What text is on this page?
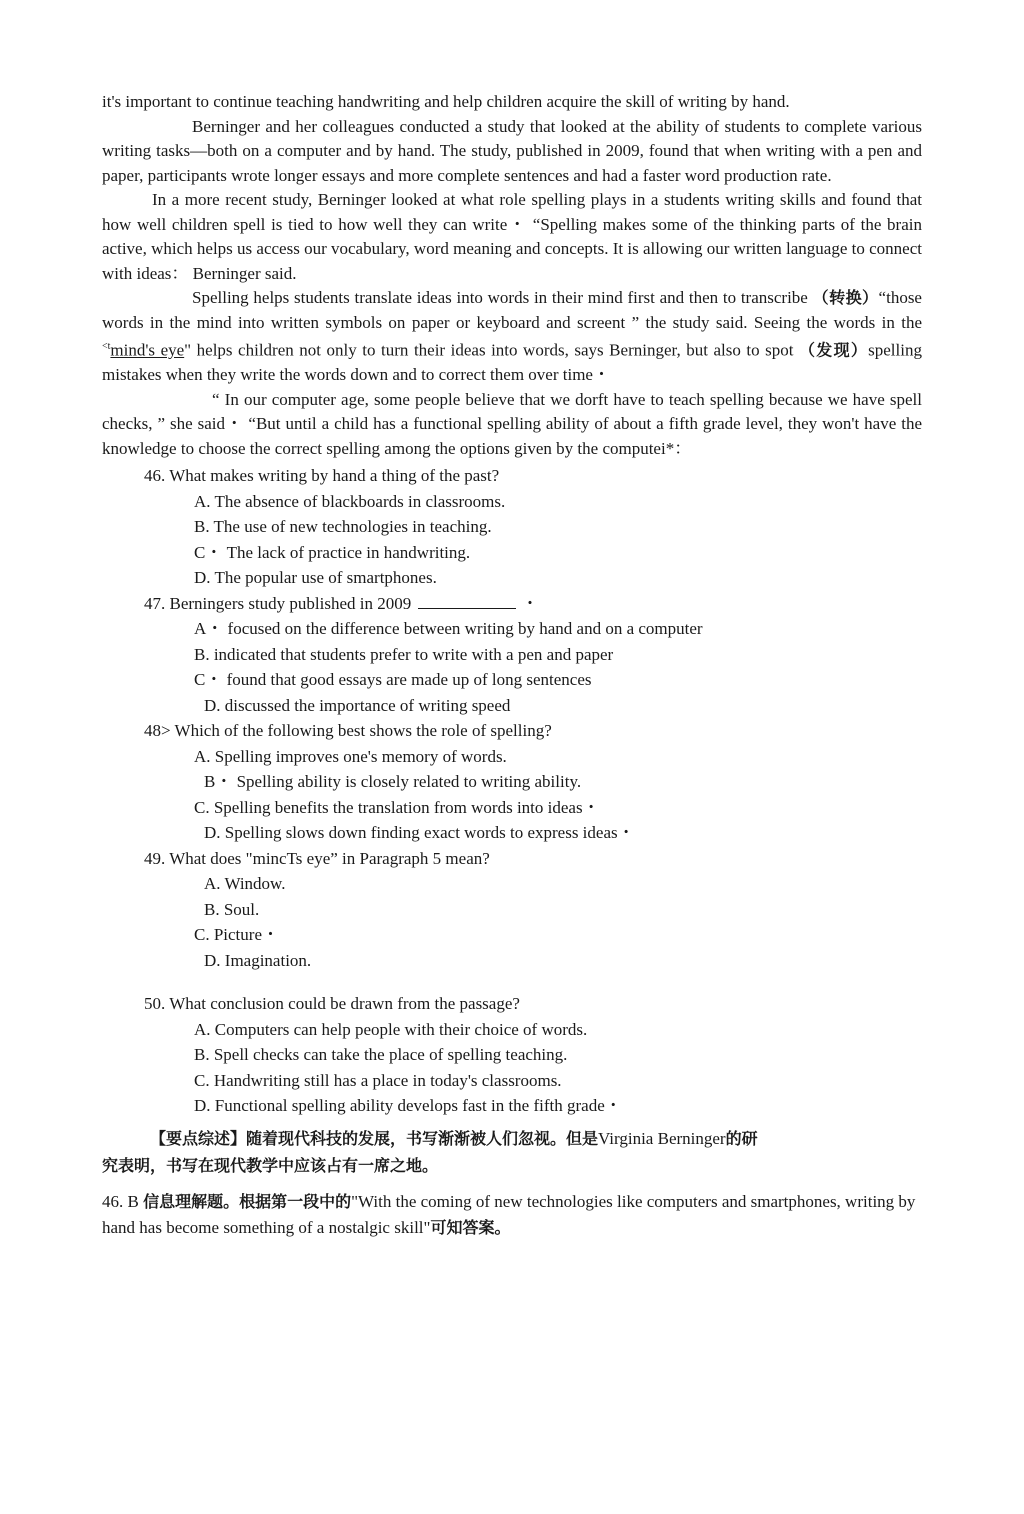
it's important to continue teaching handwriting and help children acquire the skill of writing by hand.

Berninger and her colleagues conducted a study that looked at the ability of students to complete various writing tasks—both on a computer and by hand. The study, published in 2009, found that when writing with a pen and paper, participants wrote longer essays and more complete sentences and had a faster word production rate.

In a more recent study, Berninger looked at what role spelling plays in a students writing skills and found that how well children spell is tied to how well they can write・ “Spelling makes some of the thinking parts of the brain active, which helps us access our vocabulary, word meaning and concepts. It is allowing our written language to connect with ideas： Berninger said.

Spelling helps students translate ideas into words in their mind first and then to transcribe （转换）“those words in the mind into written symbols on paper or keyboard and screent ” the study said. Seeing the words in the $^{<t}$mind's eye" helps children not only to turn their ideas into words, says Berninger, but also to spot （发现）spelling mistakes when they write the words down and to correct them over time・

“ In our computer age, some people believe that we dorft have to teach spelling because we have spell checks, ” she said・ “But until a child has a functional spelling ability of about a fifth grade level, they won't have the knowledge to choose the correct spelling among the options given by the computei*：

46. What makes writing by hand a thing of the past?

A. The absence of blackboards in classrooms.

B. The use of new technologies in teaching.

C・ The lack of practice in handwriting.

D. The popular use of smartphones.

47. Berningers study published in 2009	・

A・ focused on the difference between writing by hand and on a computer

B. indicated that students prefer to write with a pen and paper

C・ found that good essays are made up of long sentences

D. discussed the importance of writing speed

48> Which of the following best shows the role of spelling?

A. Spelling improves one's memory of words.

B・ Spelling ability is closely related to writing ability.

C. Spelling benefits the translation from words into ideas・

D. Spelling slows down finding exact words to express ideas・

49. What does "mincTs eye” in Paragraph 5 mean?

A. Window.

B. Soul.

C. Picture・

D. Imagination.

50. What conclusion could be drawn from the passage?

A. Computers can help people with their choice of words.

B. Spell checks can take the place of spelling teaching.

C. Handwriting still has a place in today's classrooms.

D. Functional spelling ability develops fast in the fifth grade・

【要点综述】随着现代科技的发展，书写渐渐被人们忽视。但是Virginia Berninger的研
究表明，书写在现代教学中应该占有一席之地。

46. B 信息理解题。根据第一段中的"With the coming of new technologies like computers and smartphones, writing by hand has become something of a nostalgic skill"可知答案。
